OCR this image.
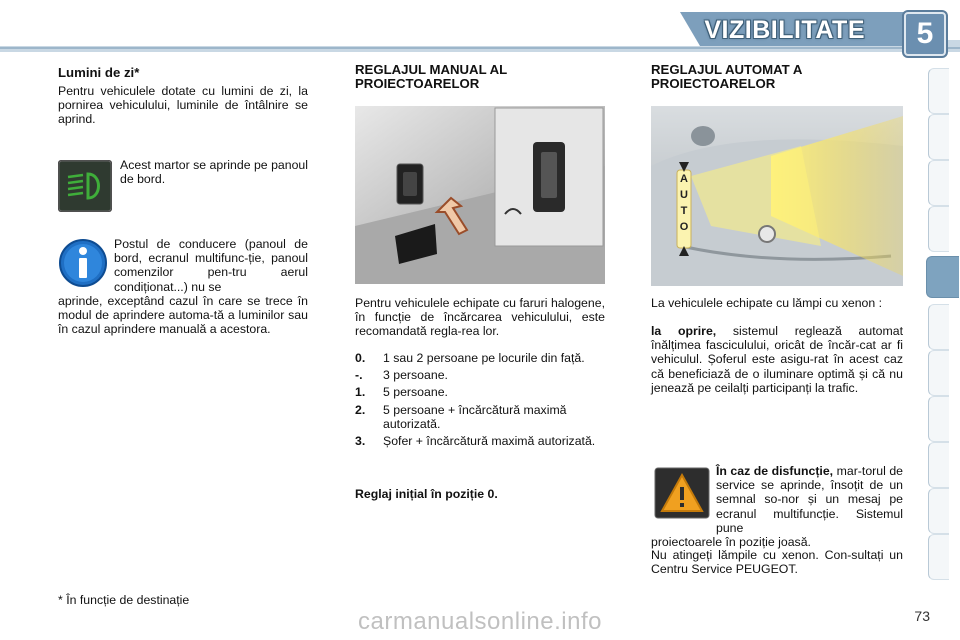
VIZIBILITATE	5
Lumini de zi*
Pentru vehiculele dotate cu lumini de zi, la pornirea vehiculului, luminile de întâlnire se aprind.
Acest martor se aprinde pe panoul de bord.
Postul de conducere (panoul de bord, ecranul multifunc-ție, panoul comenzilor pen-tru aerul condiționat...) nu se
aprinde, exceptând cazul în care se trece în modul de aprindere automa-tă a luminilor sau în cazul aprindere manuală a acestora.
* În funcție de destinație
REGLAJUL MANUAL AL PROIECTOARELOR
Pentru vehiculele echipate cu faruri halogene, în funcție de încărcarea vehiculului, este recomandată regla-rea lor.
0.	1 sau 2 persoane pe locurile din față.
-.	3 persoane.
1.	5 persoane.
2.	5 persoane + încărcătură maximă autorizată.
3.	Șofer + încărcătură maximă autorizată.
Reglaj inițial în poziție 0.
REGLAJUL AUTOMAT A PROIECTOARELOR
A
U
T
O
La vehiculele echipate cu lămpi cu xenon :
la oprire, sistemul reglează automat înălțimea fasciculului, oricât de încăr-cat ar fi vehiculul. Șoferul este asigu-rat în acest caz că beneficiază de o iluminare optimă și că nu jenează pe ceilalți participanți la trafic.
În caz de disfuncție, mar-torul de service se aprinde, însoțit de un semnal so-nor și un mesaj pe ecranul multifuncție. Sistemul pune
proiectoarele în poziție joasă.
Nu atingeți lămpile cu xenon. Con-sultați un Centru Service PEUGEOT.
carmanualsonline.info	73
